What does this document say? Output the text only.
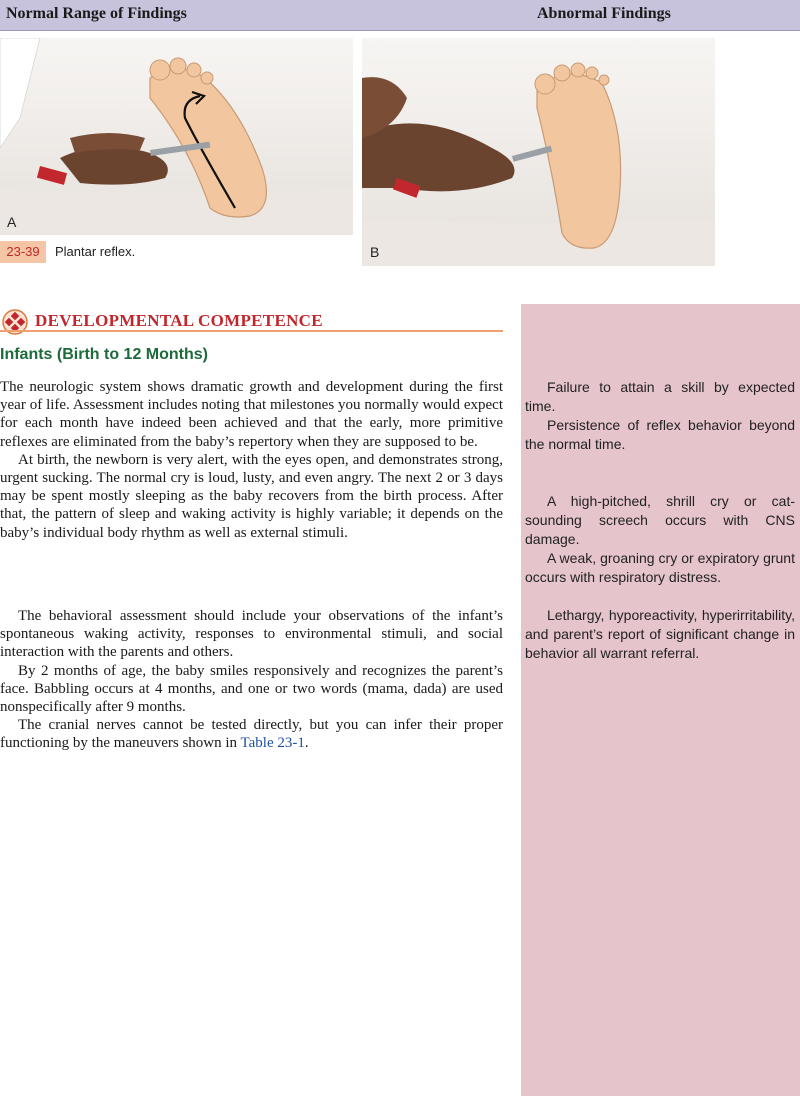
Normal Range of Findings	Abnormal Findings
A
B
23-39	Plantar reflex.
DEVELOPMENTAL COMPETENCE
Infants (Birth to 12 Months)

The neurologic system shows dramatic growth and development during the first year of life. Assessment includes noting that milestones you normally would expect for each month have indeed been achieved and that the early, more primitive reflexes are eliminated from the baby’s repertory when they are supposed to be.

At birth, the newborn is very alert, with the eyes open, and demonstrates strong, urgent sucking. The normal cry is loud, lusty, and even angry. The next 2 or 3 days may be spent mostly sleeping as the baby recovers from the birth process. After that, the pattern of sleep and waking activity is highly variable; it depends on the baby’s individual body rhythm as well as external stimuli.

The behavioral assessment should include your observations of the infant’s spontaneous waking activity, responses to environmental stimuli, and social interaction with the parents and others.

By 2 months of age, the baby smiles responsively and recognizes the parent’s face. Babbling occurs at 4 months, and one or two words (mama, dada) are used nonspecifically after 9 months.

The cranial nerves cannot be tested directly, but you can infer their proper functioning by the maneuvers shown in Table 23-1.

Failure to attain a skill by expected time.

Persistence of reflex behavior beyond the normal time.

A high-pitched, shrill cry or cat-sounding screech occurs with CNS damage.

A weak, groaning cry or expiratory grunt occurs with respiratory distress.

Lethargy, hyporeactivity, hyperirritability, and parent’s report of significant change in behavior all warrant referral.
